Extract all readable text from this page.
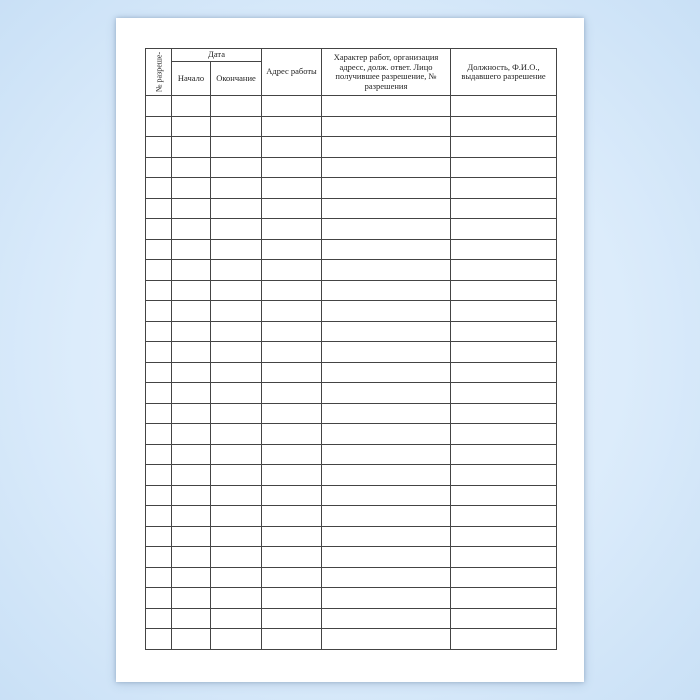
№ разреше-	Дата		Адрес работы	Характер работ, организация адресс, долж. ответ. Лицо получившее разрешение, № разрешения	Должность, Ф.И.О., выдавшего разрешение

	Начало	Окончание			
